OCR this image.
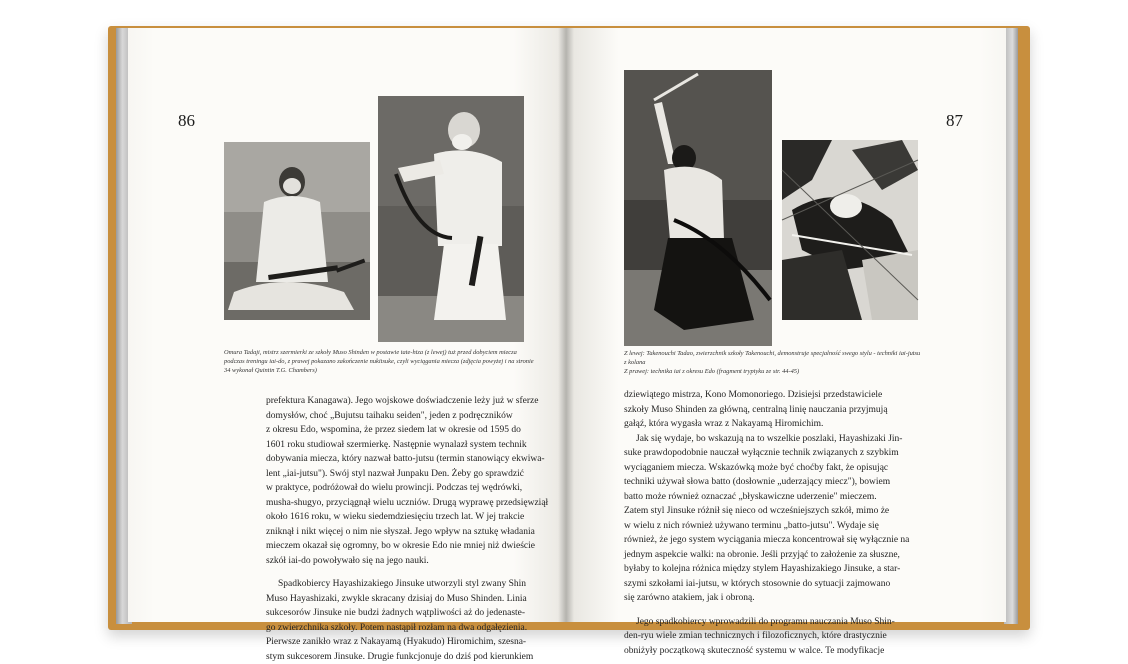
86
Omura Tadaji, mistrz szermierki ze szkoły Muso Shinden w postawie tate-hiza (z lewej) tuż przed dobyciem miecza
podczas treningu iai-do, z prawej pokazano zakończenie nukitsuke, czyli wyciągania miecza (zdjęcia powyżej i na stronie
34 wykonał Quintin T.G. Chambers)
prefektura Kanagawa). Jego wojskowe doświadczenie leży już w sferze
domysłów, choć „Bujutsu taihaku seiden", jeden z podręczników
z okresu Edo, wspomina, że przez siedem lat w okresie od 1595 do
1601 roku studiował szermierkę. Następnie wynalazł system technik
dobywania miecza, który nazwał batto-jutsu (termin stanowiący ekwiwa-
lent „iai-jutsu"). Swój styl nazwał Junpaku Den. Żeby go sprawdzić
w praktyce, podróżował do wielu prowincji. Podczas tej wędrówki,
musha-shugyo, przyciągnął wielu uczniów. Drugą wyprawę przedsięwziął
około 1616 roku, w wieku siedemdziesięciu trzech lat. W jej trakcie
zniknął i nikt więcej o nim nie słyszał. Jego wpływ na sztukę władania
mieczem okazał się ogromny, bo w okresie Edo nie mniej niż dwieście
szkół iai-do powoływało się na jego nauki.
Spadkobiercy Hayashizakiego Jinsuke utworzyli styl zwany Shin
Muso Hayashizaki, zwykle skracany dzisiaj do Muso Shinden. Linia
sukcesorów Jinsuke nie budzi żadnych wątpliwości aż do jedenaste-
go zwierzchnika szkoły. Potem nastąpił rozłam na dwa odgałęzienia.
Pierwsze zanikło wraz z Nakayamą (Hyakudo) Hiromichim, szesna-
stym sukcesorem Jinsuke. Drugie funkcjonuje do dziś pod kierunkiem
87
Z lewej: Takenouchi Tadao, zwierzchnik szkoły Takenouchi, demonstruje specjalność swego stylu - techniki iai-jutsu
z kolana
Z prawej: technika iai z okresu Edo (fragment tryptyku ze str. 44-45)
dziewiątego mistrza, Kono Momonoriego. Dzisiejsi przedstawiciele
szkoły Muso Shinden za główną, centralną linię nauczania przyjmują
gałąź, która wygasła wraz z Nakayamą Hiromichim.
Jak się wydaje, bo wskazują na to wszelkie poszlaki, Hayashizaki Jin-
suke prawdopodobnie nauczał wyłącznie technik związanych z szybkim
wyciąganiem miecza. Wskazówką może być choćby fakt, że opisując
techniki używał słowa batto (dosłownie „uderzający miecz"), bowiem
batto może również oznaczać „błyskawiczne uderzenie" mieczem.
Zatem styl Jinsuke różnił się nieco od wcześniejszych szkół, mimo że
w wielu z nich również używano terminu „batto-jutsu". Wydaje się
również, że jego system wyciągania miecza koncentrował się wyłącznie na
jednym aspekcie walki: na obronie. Jeśli przyjąć to założenie za słuszne,
byłaby to kolejna różnica między stylem Hayashizakiego Jinsuke, a star-
szymi szkołami iai-jutsu, w których stosownie do sytuacji zajmowano
się zarówno atakiem, jak i obroną.
Jego spadkobiercy wprowadzili do programu nauczania Muso Shin-
den-ryu wiele zmian technicznych i filozoficznych, które drastycznie
obniżyły początkową skuteczność systemu w walce. Te modyfikacje
